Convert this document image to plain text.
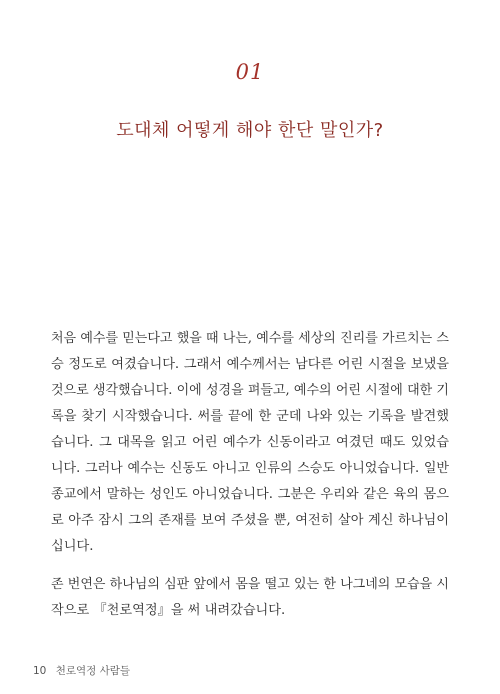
01
도대체 어떻게 해야 한단 말인가?
처음 예수를 믿는다고 했을 때 나는, 예수를 세상의 진리를 가르치는 스
승 정도로 여겼습니다. 그래서 예수께서는 남다른 어린 시절을 보냈을
것으로 생각했습니다. 이에 성경을 펴들고, 예수의 어린 시절에 대한 기
록을 찾기 시작했습니다. 써를 끝에 한 군데 나와 있는 기록을 발견했
습니다. 그 대목을 읽고 어린 예수가 신동이라고 여겼던 때도 있었습
니다. 그러나 예수는 신동도 아니고 인류의 스승도 아니었습니다. 일반
종교에서 말하는 성인도 아니었습니다. 그분은 우리와 같은 육의 몸으
로 아주 잠시 그의 존재를 보여 주셨을 뿐, 여전히 살아 계신 하나님이
십니다.
존 번연은 하나님의 심판 앞에서 몸을 떨고 있는 한 나그네의 모습을 시
작으로 『천로역정』을 써 내려갔습니다.
10 천로역정 사람들
